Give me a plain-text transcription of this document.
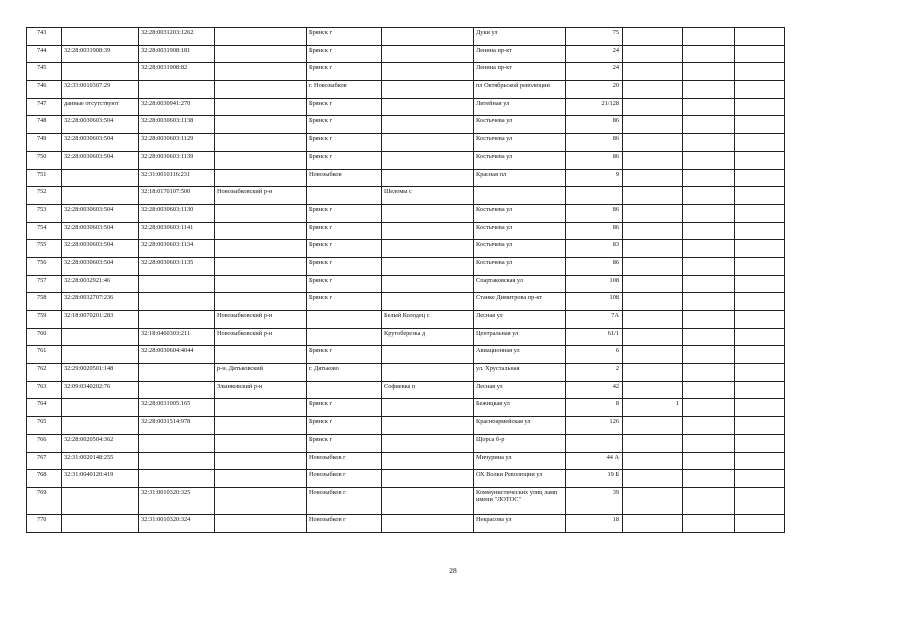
743		32:28:0031203:1262		Брянск г		Дуки ул	75			
744	32:28:0031908:39	32:28:0031908:181		Брянск г		Ленина пр-кт	24			
745		32:28:0031908:82		Брянск г		Ленина пр-кт	24			
746	32:33:0010307:29			г. Новозыбков		пл Октябрьской революции	20			
747	данные отсутствуют	32:28:0030941:270		Брянск г		Литейная ул	21/128			
748	32:28:0030603:504	32:28:0030603:1138		Брянск г		Костычева ул	86			
749	32:28:0030603:504	32:28:0030603:1129		Брянск г		Костычева ул	86			
750	32:28:0030603:504	32:28:0030603:1139		Брянск г		Костычева ул	86			
751		32:31:0010116:231		Новозыбков		Красная пл	9			
752		32:18:0170107:500	Новозыбковский р-н		Шеломы с					
753	32:28:0030603:504	32:28:0030603:1130		Брянск г		Костычева ул	86			
754	32:28:0030603:504	32:28:0030603:1141		Брянск г		Костычева ул	86			
755	32:28:0030603:504	32:28:0030603:1134		Брянск г		Костычева ул	83			
756	32:28:0030603:504	32:28:0030603:1135		Брянск г		Костычева ул	86			
757	32:28:0032921:46			Брянск г		Спартаковская ул	108			
758	32:28:0032707:236			Брянск г		Станке Димитрова пр-кт	108			
759	32:18:0070201:283		Новозыбковский р-н		Белый Колодец с	Лесная ул	7А			
760		32:18:0460303:211	Новозыбковский р-н		Крутоберезка д	Центральная ул	61/1			
761		32:28:0030604:4044		Брянск г		Авиационная ул	6			
762	32:29:0020501:148		р-н. Дятьковский	г. Дятьково		ул. Хрустальная	2			
763	32:09:0340202:76		Злынковский р-н		Софиевка п	Лесная ул	42			
764		32:28:0031005:165		Брянск г		Бежицкая ул	8	1		
765		32:28:0031514:978		Брянск г		Красноармейская ул	126			
766	32:28:0020504:362			Брянск г		Щорса б-р				
767	32:31:0020148:255			Новозыбков г		Мичурина ул	44 А			
768	32:31:0040120:419			Новозыбков г		ОХ Волки Революции ул	19 Б			
769		32:31:0010320:325		Новозыбков г		Коммунистических улиц ламп имени "ЛОТОС"	39			
770		32:31:0010320:324		Новозыбков г		Некрасова ул	18			
28
